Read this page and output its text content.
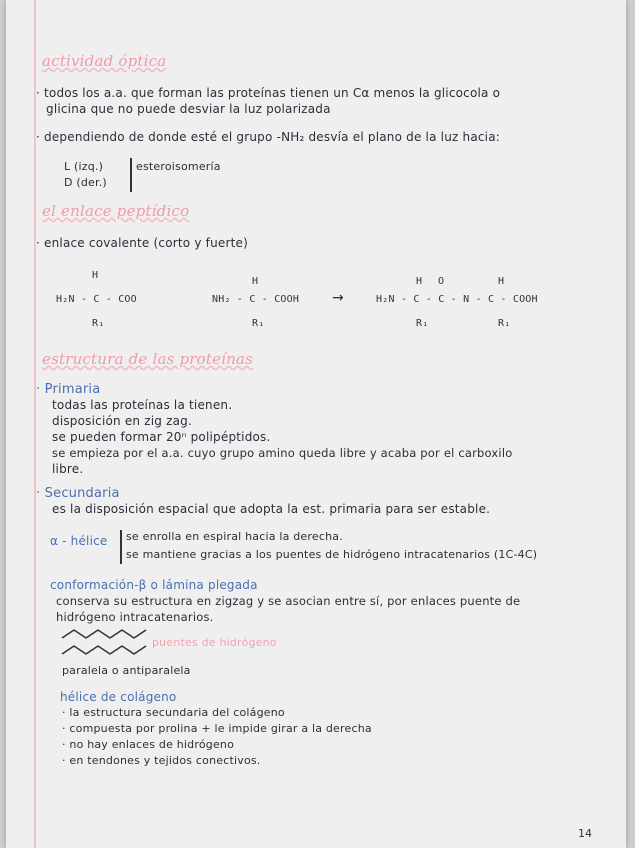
actividad óptica
· todos los a.a. que forman las proteínas tienen un Cα menos la glicocola o
glicina que no puede desviar la luz polarizada
· dependiendo de donde esté el grupo -NH₂ desvía el plano de la luz hacia:
L (izq.)
D (der.)
esteroisomería
el enlace peptídico
· enlace covalente (corto y fuerte)
H
H₂N - C - COO
R₁
H
NH₂ - C - COOH
R₁
→
H O	H
H₂N - C - C - N - C - COOH
R₁	R₁
estructura de las proteínas
· Primaria
todas las proteínas la tienen.
disposición en zig zag.
se pueden formar 20ⁿ polipéptidos.
se empieza por el a.a. cuyo grupo amino queda libre y acaba por el carboxilo
libre.
· Secundaria
es la disposición espacial que adopta la est. primaria para ser estable.
α - hélice se enrolla en espiral hacia la derecha.
se mantiene gracias a los puentes de hidrógeno intracatenarios (1C-4C)
conformación-β o lámina plegada
conserva su estructura en zigzag y se asocian entre sí, por enlaces puente de
hidrógeno intracatenarios.
puentes de hidrógeno
paralela o antiparalela
hélice de colágeno
· la estructura secundaria del colágeno
· compuesta por prolina + le impide girar a la derecha
· no hay enlaces de hidrógeno
· en tendones y tejidos conectivos.
14
